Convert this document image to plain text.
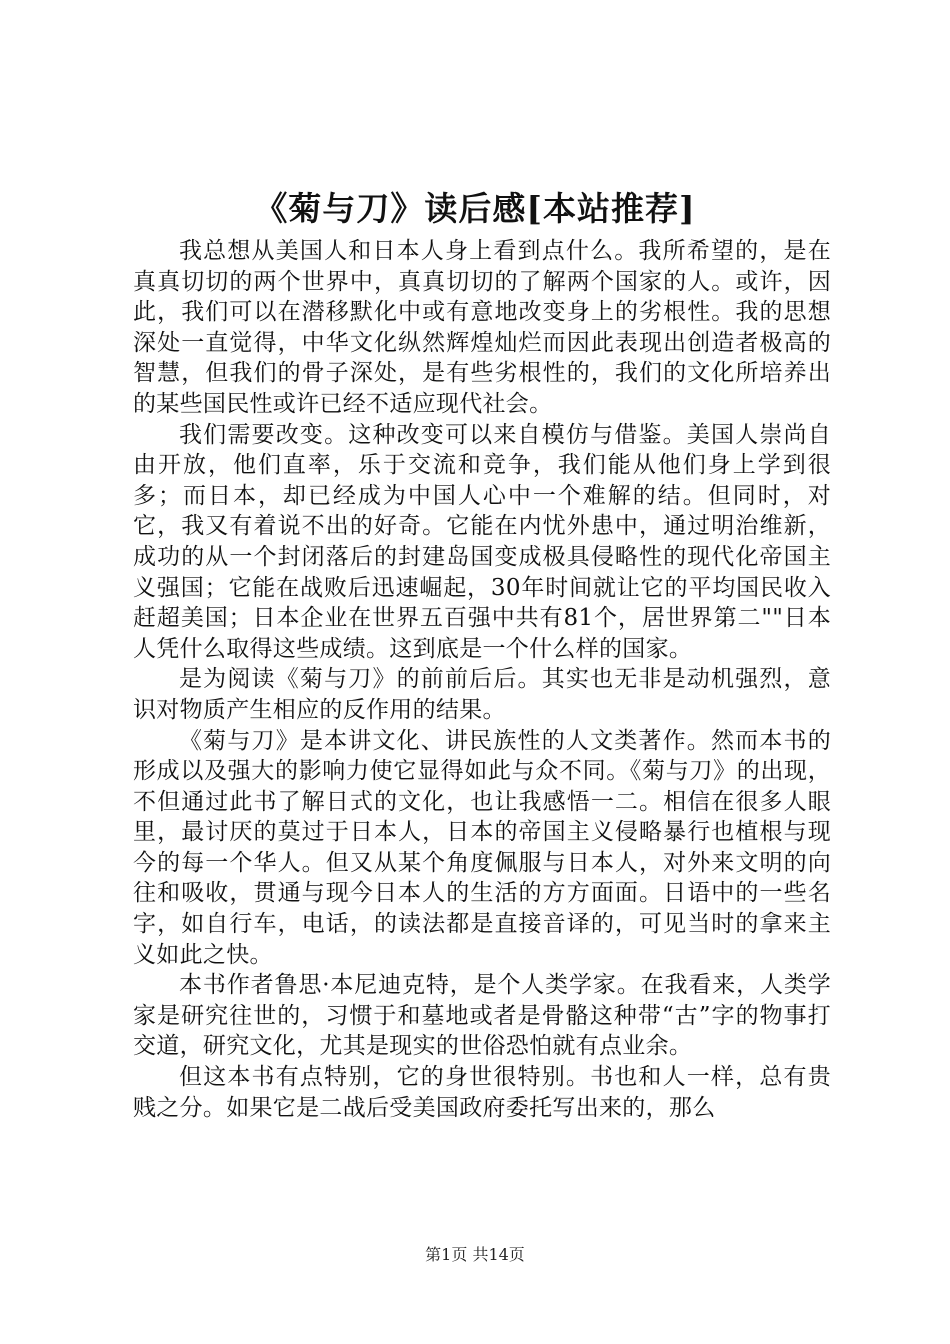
《菊与刀》读后感[本站推荐]

我总想从美国人和日本人身上看到点什么。我所希望的，是在真真切切的两个世界中，真真切切的了解两个国家的人。或许，因此，我们可以在潜移默化中或有意地改变身上的劣根性。我的思想深处一直觉得，中华文化纵然辉煌灿烂而因此表现出创造者极高的智慧，但我们的骨子深处，是有些劣根性的，我们的文化所培养出的某些国民性或许已经不适应现代社会。

我们需要改变。这种改变可以来自模仿与借鉴。美国人崇尚自由开放，他们直率，乐于交流和竞争，我们能从他们身上学到很多；而日本，却已经成为中国人心中一个难解的结。但同时，对它，我又有着说不出的好奇。它能在内忧外患中，通过明治维新，成功的从一个封闭落后的封建岛国变成极具侵略性的现代化帝国主义强国；它能在战败后迅速崛起，30年时间就让它的平均国民收入赶超美国；日本企业在世界五百强中共有81个，居世界第二""日本人凭什么取得这些成绩。这到底是一个什么样的国家。

是为阅读《菊与刀》的前前后后。其实也无非是动机强烈，意识对物质产生相应的反作用的结果。

《菊与刀》是本讲文化、讲民族性的人文类著作。然而本书的形成以及强大的影响力使它显得如此与众不同。《菊与刀》的出现，不但通过此书了解日式的文化，也让我感悟一二。相信在很多人眼里，最讨厌的莫过于日本人，日本的帝国主义侵略暴行也植根与现今的每一个华人。但又从某个角度佩服与日本人，对外来文明的向往和吸收，贯通与现今日本人的生活的方方面面。日语中的一些名字，如自行车，电话，的读法都是直接音译的，可见当时的拿来主义如此之快。

本书作者鲁思·本尼迪克特，是个人类学家。在我看来，人类学家是研究往世的，习惯于和墓地或者是骨骼这种带“古”字的物事打交道，研究文化，尤其是现实的世俗恐怕就有点业余。

但这本书有点特别，它的身世很特别。书也和人一样，总有贵贱之分。如果它是二战后受美国政府委托写出来的，那么

第1页 共14页
